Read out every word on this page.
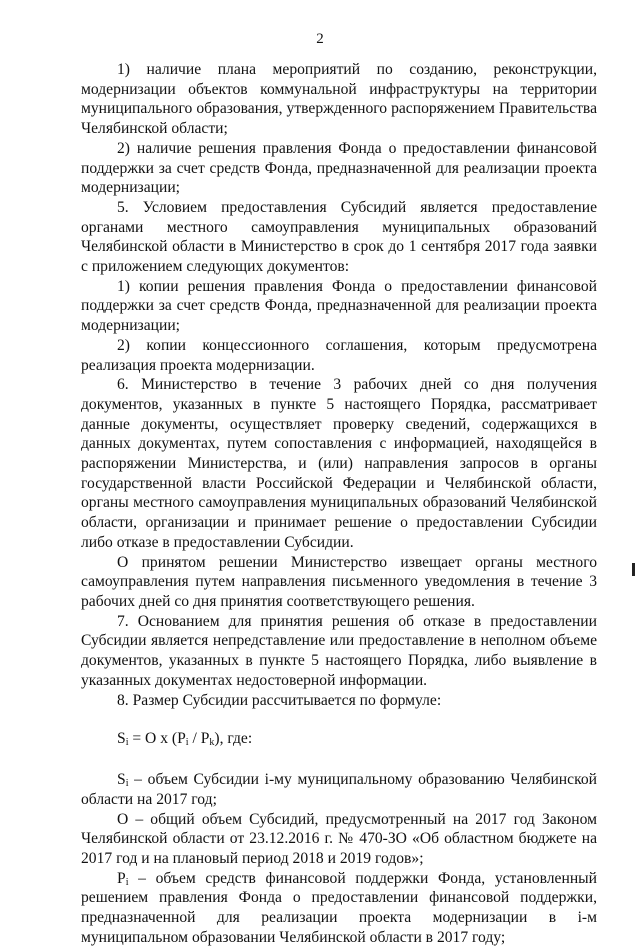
2

1) наличие плана мероприятий по созданию, реконструкции, модернизации объектов коммунальной инфраструктуры на территории муниципального образования, утвержденного распоряжением Правительства Челябинской области;

2) наличие решения правления Фонда о предоставлении финансовой поддержки за счет средств Фонда, предназначенной для реализации проекта модернизации;

5. Условием предоставления Субсидий является предоставление органами местного самоуправления муниципальных образований Челябинской области в Министерство в срок до 1 сентября 2017 года заявки с приложением следующих документов:

1) копии решения правления Фонда о предоставлении финансовой поддержки за счет средств Фонда, предназначенной для реализации проекта модернизации;

2) копии концессионного соглашения, которым предусмотрена реализация проекта модернизации.

6. Министерство в течение 3 рабочих дней со дня получения документов, указанных в пункте 5 настоящего Порядка, рассматривает данные документы, осуществляет проверку сведений, содержащихся в данных документах, путем сопоставления с информацией, находящейся в распоряжении Министерства, и (или) направления запросов в органы государственной власти Российской Федерации и Челябинской области, органы местного самоуправления муниципальных образований Челябинской области, организации и принимает решение о предоставлении Субсидии либо отказе в предоставлении Субсидии.

О принятом решении Министерство извещает органы местного самоуправления путем направления письменного уведомления в течение 3 рабочих дней со дня принятия соответствующего решения.

7. Основанием для принятия решения об отказе в предоставлении Субсидии является непредставление или предоставление в неполном объеме документов, указанных в пункте 5 настоящего Порядка, либо выявление в указанных документах недостоверной информации.

8. Размер Субсидии рассчитывается по формуле:

$S_i = О$ x $(P_i / P_k)$, где:

$S_i$ – объем Субсидии i-му муниципальному образованию Челябинской области на 2017 год;

О – общий объем Субсидий, предусмотренный на 2017 год Законом Челябинской области от 23.12.2016 г. № 470-ЗО «Об областном бюджете на 2017 год и на плановый период 2018 и 2019 годов»;

$P_i$ – объем средств финансовой поддержки Фонда, установленный решением правления Фонда о предоставлении финансовой поддержки, предназначенной для реализации проекта модернизации в i-м муниципальном образовании Челябинской области в 2017 году;
